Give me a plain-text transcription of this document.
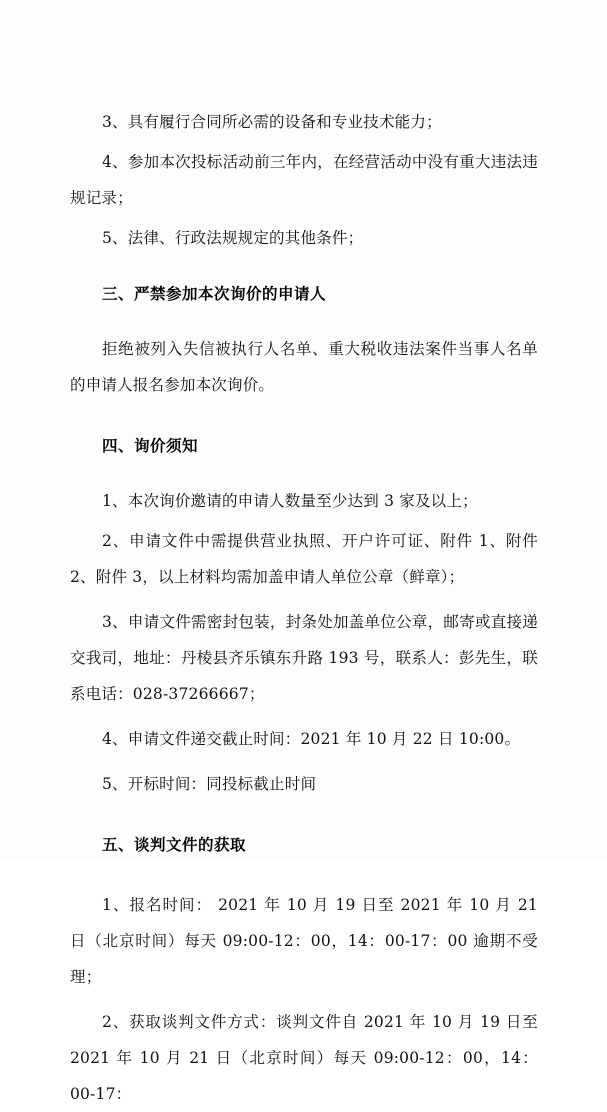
3、具有履行合同所必需的设备和专业技术能力；

4、参加本次投标活动前三年内，在经营活动中没有重大违法违规记录；

5、法律、行政法规规定的其他条件；

三、严禁参加本次询价的申请人

拒绝被列入失信被执行人名单、重大税收违法案件当事人名单的申请人报名参加本次询价。

四、询价须知

1、本次询价邀请的申请人数量至少达到 3 家及以上；

2、申请文件中需提供营业执照、开户许可证、附件 1、附件 2、附件 3，以上材料均需加盖申请人单位公章（鲜章）；

3、申请文件需密封包装，封条处加盖单位公章，邮寄或直接递交我司，地址：丹棱县齐乐镇东升路 193 号，联系人：彭先生，联系电话：028-37266667；

4、申请文件递交截止时间：2021 年 10 月 22 日 10:00。

5、开标时间：同投标截止时间

五、谈判文件的获取

1、报名时间： 2021 年 10 月 19 日至 2021 年 10 月 21 日（北京时间）每天 09:00-12：00，14：00-17：00 逾期不受理；

2、获取谈判文件方式：谈判文件自 2021 年 10 月 19 日至 2021 年 10 月 21 日（北京时间）每天 09:00-12：00，14：00-17：
